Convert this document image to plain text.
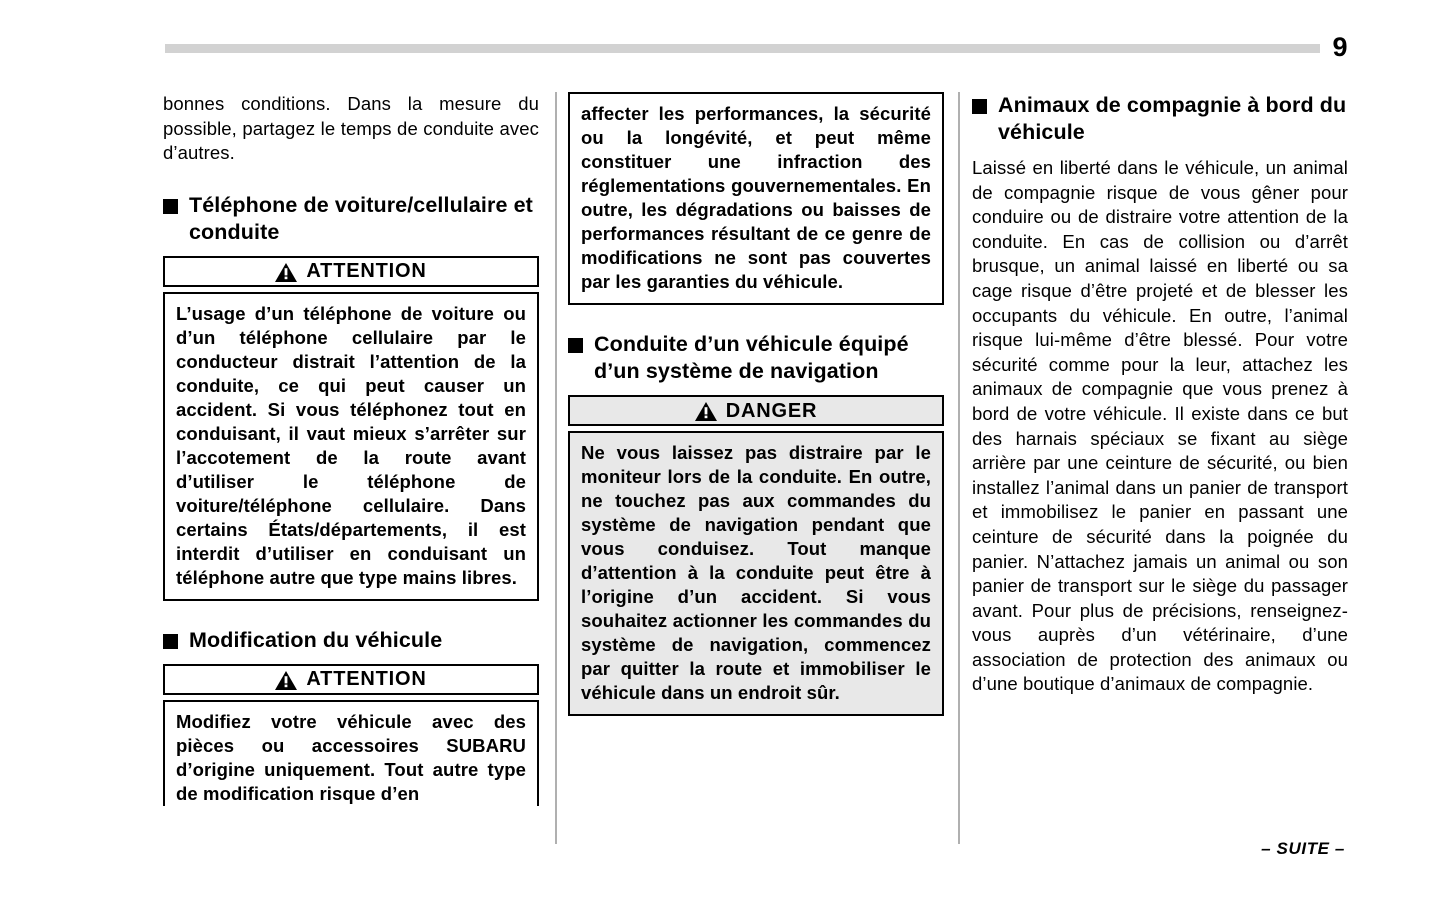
9

bonnes conditions. Dans la mesure du possible, partagez le temps de conduite avec d’autres.

Téléphone de voiture/cellulaire et conduite
ATTENTION

L’usage d’un téléphone de voiture ou d’un téléphone cellulaire par le conducteur distrait l’attention de la conduite, ce qui peut causer un accident. Si vous téléphonez tout en conduisant, il vaut mieux s’arrêter sur l’accotement de la route avant d’utiliser le téléphone de voiture/téléphone cellulaire. Dans certains États/départements, il est interdit d’utiliser en conduisant un téléphone autre que type mains libres.

Modification du véhicule
ATTENTION

Modifiez votre véhicule avec des pièces ou accessoires SUBARU d’origine uniquement. Tout autre type de modification risque d’en

affecter les performances, la sécurité ou la longévité, et peut même constituer une infraction des réglementations gouvernementales. En outre, les dégradations ou baisses de performances résultant de ce genre de modifications ne sont pas couvertes par les garanties du véhicule.

Conduite d’un véhicule équipé d’un système de navigation
DANGER

Ne vous laissez pas distraire par le moniteur lors de la conduite. En outre, ne touchez pas aux commandes du système de navigation pendant que vous conduisez. Tout manque d’attention à la conduite peut être à l’origine d’un accident. Si vous souhaitez actionner les commandes du système de navigation, commencez par quitter la route et immobiliser le véhicule dans un endroit sûr.

Animaux de compagnie à bord du véhicule

Laissé en liberté dans le véhicule, un animal de compagnie risque de vous gêner pour conduire ou de distraire votre attention de la conduite. En cas de collision ou d’arrêt brusque, un animal laissé en liberté ou sa cage risque d’être projeté et de blesser les occupants du véhicule. En outre, l’animal risque lui-même d’être blessé. Pour votre sécurité comme pour la leur, attachez les animaux de compagnie que vous prenez à bord de votre véhicule. Il existe dans ce but des harnais spéciaux se fixant au siège arrière par une ceinture de sécurité, ou bien installez l’animal dans un panier de transport et immobilisez le panier en passant une ceinture de sécurité dans la poignée du panier. N’attachez jamais un animal ou son panier de transport sur le siège du passager avant. Pour plus de précisions, renseignez-vous auprès d’un vétérinaire, d’une association de protection des animaux ou d’une boutique d’animaux de compagnie.

– SUITE –
